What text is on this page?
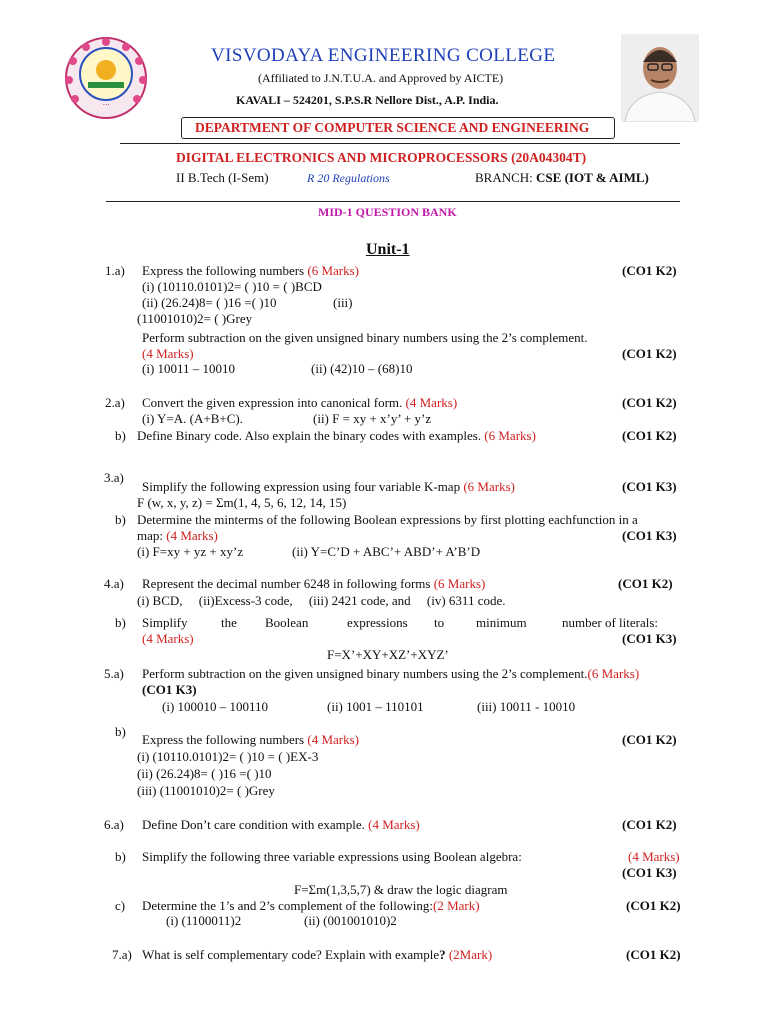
ᐧᐧᐧ
VISVODAYA ENGINEERING COLLEGE
(Affiliated to J.N.T.U.A. and Approved by AICTE)
KAVALI – 524201, S.P.S.R Nellore Dist., A.P. India.
DEPARTMENT OF COMPUTER SCIENCE AND ENGINEERING
DIGITAL ELECTRONICS AND MICROPROCESSORS (20A04304T)
II B.Tech (I-Sem)	R 20 Regulations	BRANCH: CSE (IOT & AIML)
MID-1 QUESTION BANK
Unit-1
1.a) Express the following numbers (6 Marks)	(CO1 K2)
(i) (10110.0101)2= ( )10 = ( )BCD
(ii) (26.24)8= ( )16 =( )10	(iii)
(11001010)2= ( )Grey
Perform subtraction on the given unsigned binary numbers using the 2’s complement.
(4 Marks)	(CO1 K2)
(i) 10011 – 10010	(ii) (42)10 – (68)10
2.a) Convert the given expression into canonical form. (4 Marks)	(CO1 K2)
(i) Y=A. (A+B+C).	(ii) F = xy + x’y’ + y’z
b) Define Binary code. Also explain the binary codes with examples. (6 Marks)	(CO1 K2)
3.a)
Simplify the following expression using four variable K-map (6 Marks)	(CO1 K3)
F (w, x, y, z) = Σm(1, 4, 5, 6, 12, 14, 15)
b) Determine the minterms of the following Boolean expressions by first plotting eachfunction in a
map: (4 Marks)	(CO1 K3)
(i) F=xy + yz + xy’z	(ii) Y=C’D + ABC’+ ABD’+ A’B’D
4.a) Represent the decimal number 6248 in following forms (6 Marks)	(CO1 K2)
(i) BCD,     (ii)Excess-3 code,     (iii) 2421 code, and     (iv) 6311 code.
b) Simplify	the Boolean	expressions to minimum	number of literals:
(4 Marks)	(CO1 K3)
F=X’+XY+XZ’+XYZ’
5.a) Perform subtraction on the given unsigned binary numbers using the 2’s complement.(6 Marks)
(CO1 K3)
(i) 100010 – 100110	(ii) 1001 – 110101	(iii) 10011 - 10010
b)
Express the following numbers (4 Marks)	(CO1 K2)
(i) (10110.0101)2= ( )10 = ( )EX-3
(ii) (26.24)8= ( )16 =( )10
(iii) (11001010)2= ( )Grey
6.a) Define Don’t care condition with example. (4 Marks)	(CO1 K2)
b) Simplify the following three variable expressions using Boolean algebra:	(4 Marks)
(CO1 K3)
F=Σm(1,3,5,7) & draw the logic diagram
c) Determine the 1’s and 2’s complement of the following:(2 Mark)	(CO1 K2)
(i) (1100011)2	(ii) (001001010)2
7.a) What is self complementary code? Explain with example? (2Mark)	(CO1 K2)
